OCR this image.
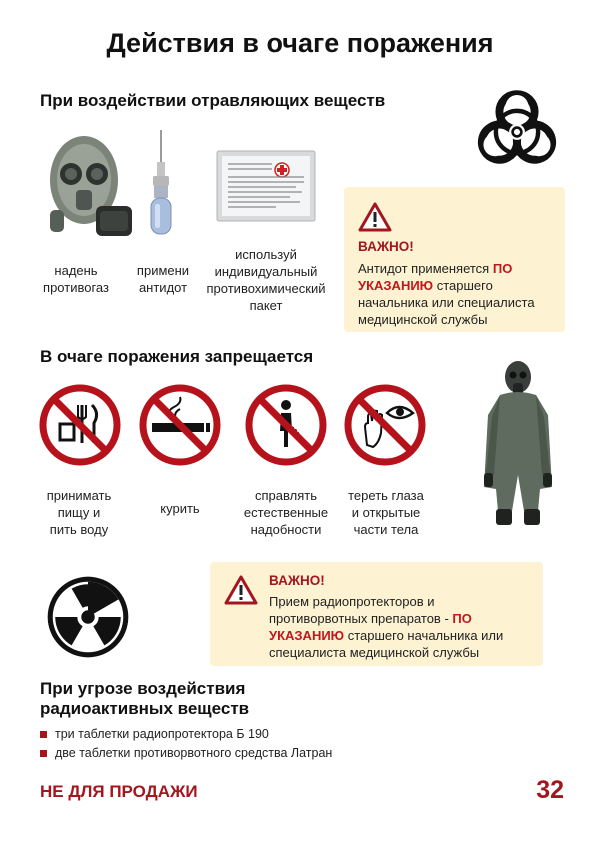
Действия в очаге поражения
При воздействии отравляющих веществ
надень
противогаз
примени
антидот
используй
индивидуальный
противохимический
пакет
ВАЖНО!
Антидот применяется ПО УКАЗАНИЮ старшего начальника или специалиста медицинской службы
В очаге поражения запрещается
принимать
пищу и
пить воду
курить
справлять
естественные
надобности
тереть глаза
и открытые
части тела
ВАЖНО!
Прием радиопротекторов и противорвотных препаратов - ПО УКАЗАНИЮ старшего начальника или специалиста медицинской службы
При угрозе воздействия
радиоактивных веществ
три таблетки радиопротектора Б 190
две таблетки противорвотного средства Латран
НЕ ДЛЯ ПРОДАЖИ	32
